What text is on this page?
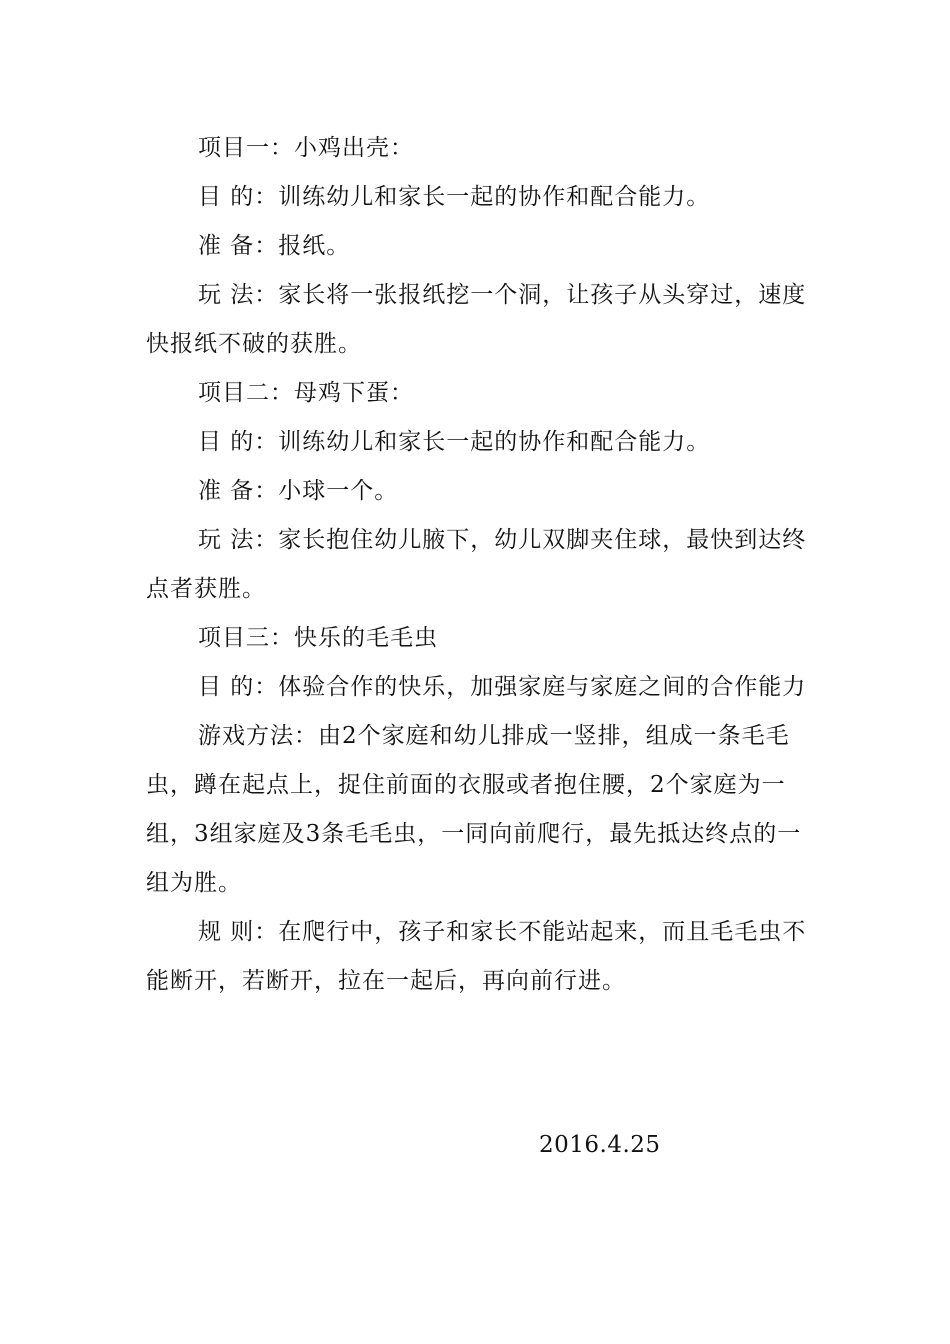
项目一：小鸡出壳：

目 的：训练幼儿和家长一起的协作和配合能力。

准 备：报纸。

玩 法：家长将一张报纸挖一个洞，让孩子从头穿过，速度快报纸不破的获胜。

项目二：母鸡下蛋：

目 的：训练幼儿和家长一起的协作和配合能力。

准 备：小球一个。

玩 法：家长抱住幼儿腋下，幼儿双脚夹住球，最快到达终点者获胜。

项目三：快乐的毛毛虫

目 的：体验合作的快乐，加强家庭与家庭之间的合作能力

游戏方法：由2个家庭和幼儿排成一竖排，组成一条毛毛虫，蹲在起点上，捉住前面的衣服或者抱住腰，2个家庭为一组，3组家庭及3条毛毛虫，一同向前爬行，最先抵达终点的一组为胜。

规 则：在爬行中，孩子和家长不能站起来，而且毛毛虫不能断开，若断开，拉在一起后，再向前行进。

2016.4.25
